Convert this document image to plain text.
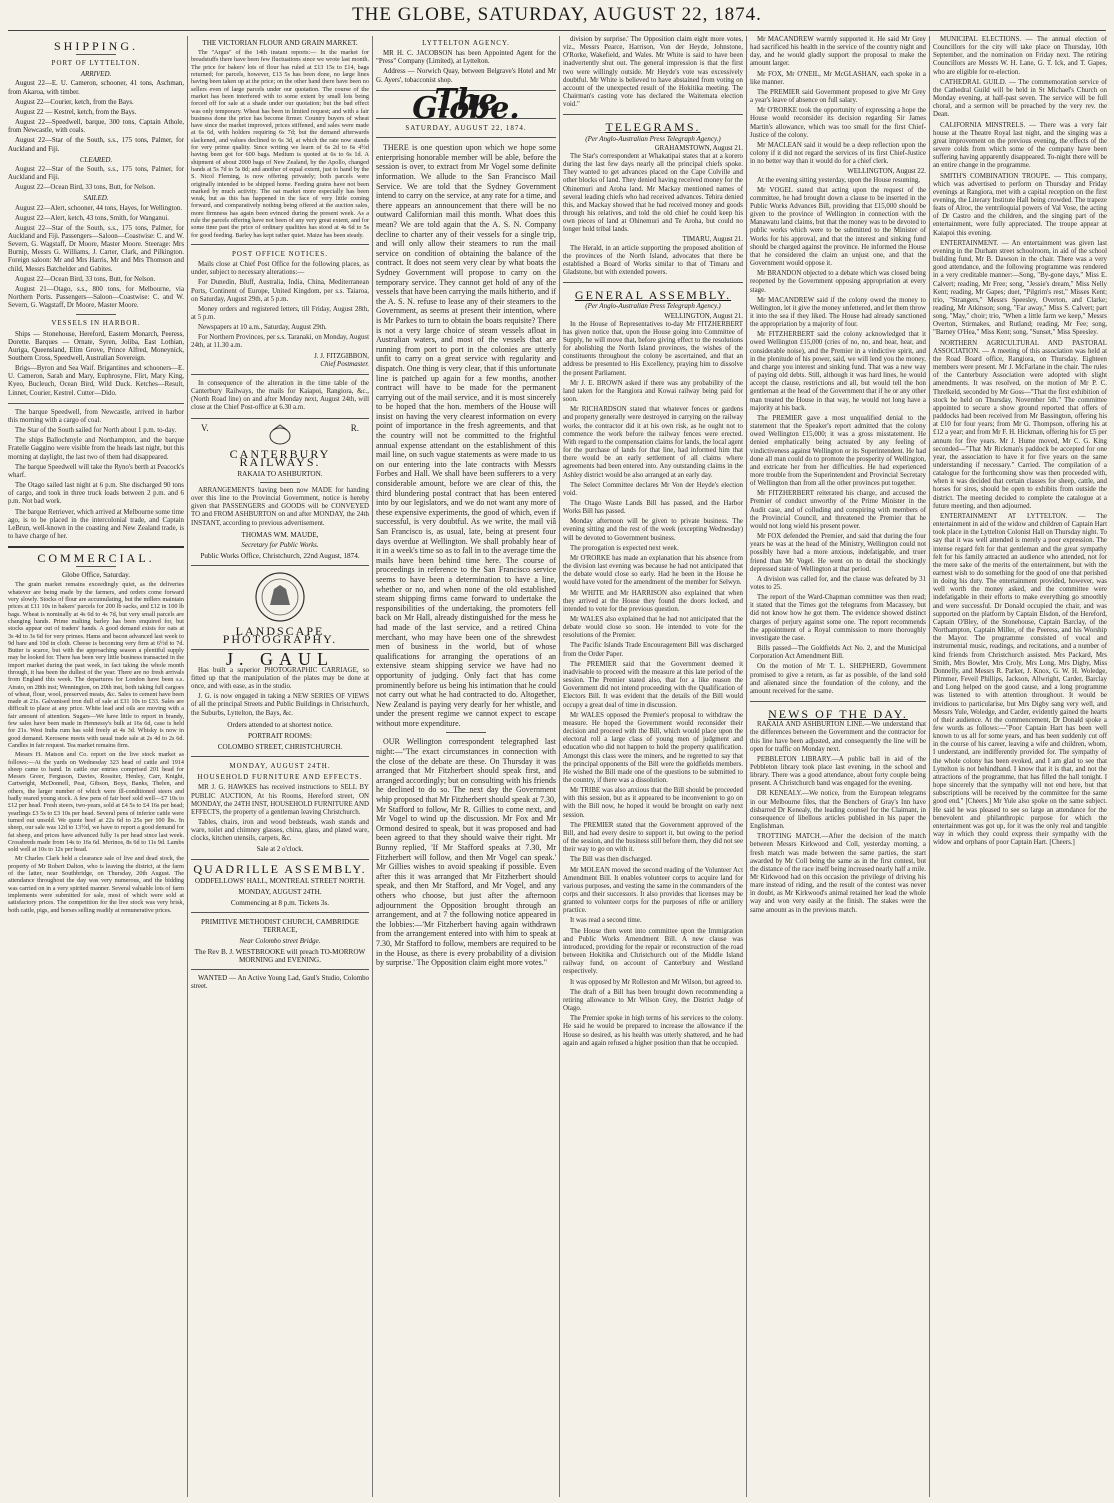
THE GLOBE, SATURDAY, AUGUST 22, 1874.
SHIPPING.
PORT OF LYTTELTON.
ARRIVED.

August 22—E. U. Cameron, schooner, 41 tons, Aschman, from Akaroa, with timber.

August 22—Courier, ketch, from the Bays.

August 22 — Kestrel, ketch, from the Bays.

August 22—Speedwell, barque, 300 tons, Captain Athole, from Newcastle, with coals.

August 22—Star of the South, s.s., 175 tons, Palmer, for Auckland and Fiji.

CLEARED.

August 22—Star of the South, s.s., 175 tons, Palmer, for Auckland and Fiji.

August 22—Ocean Bird, 33 tons, Butt, for Nelson.

SAILED.

August 22—Alert, schooner, 44 tons, Hayes, for Wellington.

August 22—Alert, ketch, 43 tons, Smith, for Wanganui.

August 22—Star of the South, s.s., 175 tons, Palmer, for Auckland and Fiji. Passengers—Saloon—Coastwise: C. and W. Severn, G. Wagstaff, Dr Moore, Master Moore. Steerage: Mrs Burnip, Messrs G. Williams, J. Carter, Clark, and Pilkington. Foreign saloon: Mr and Mrs Harris, Mr and Mrs Thomson and child, Messrs Batchelder and Gabites.

August 22—Ocean Bird, 33 tons, Butt, for Nelson.

August 21—Otago, s.s., 800 tons, for Melbourne, via Northern Ports. Passengers—Saloon—Coastwise: C. and W. Severn, G. Wagstaff, Dr Moore, Master Moore.

VESSELS IN HARBOR.

Ships — Stonehouse, Hereford, Eastern Monarch, Peeress, Dorette. Barques — Ornate, Syren, Joliba, East Lothian, Auriga, Queensland, Elim Grove, Prince Alfred, Moneynick, Southern Cross, Speedwell, Australian Sovereign.

Brigs—Byron and Sea Waif. Brigantines and schooners—E. U. Cameron, Sarah and Mary, Euphrosyne, Flirt, Mary King, Kyeo, Bucleuch, Ocean Bird, Wild Duck. Ketches—Result, Linnet, Courier, Kestrel. Cutter—Dido.

The barque Speedwell, from Newcastle, arrived in harbor this morning with a cargo of coal.

The Star of the South sailed for North about 1 p.m. to-day.

The ships Ballochmyle and Northampton, and the barque Fratelle Gaggino were visible from the heads last night, but this morning at daylight, the last two of them had disappeared.

The barque Speedwell will take the Ryno's berth at Peacock's wharf.

The Otago sailed last night at 6 p.m. She discharged 90 tons of cargo, and took in three truck loads between 2 p.m. and 6 p.m. Not bad work.

The barque Retriever, which arrived at Melbourne some time ago, is to be placed in the intercolonial trade, and Captain LeBrun, well-known in the coasting and New Zealand trade, is to have charge of her.

COMMERCIAL.
Globe Office, Saturday.

The grain market remains exceedingly quiet, as the deliveries whatever are being made by the farmers, and orders come forward very slowly. Stocks of flour are accumulating, but the millers maintain prices at £11 10s in bakers' parcels for 200 lb sacks, and £12 in 100 lb bags. Wheat is nominally at 4s 6d to 4s 7d, but very small parcels are changing hands. Prime malting barley has been enquired for, but stocks appear out of traders' hands. A good demand exists for oats at 3s 4d to 3s 6d for very primes. Hams and bacon advanced last week to 9d bare and 10d in cloth. Cheese is becoming very firm at 6½d to 7d. Butter is scarce, but with the approaching season a plentiful supply may be looked for. There has been very little business transacted in the import market during the past week, in fact taking the whole month through, it has been the dullest of the year. There are no fresh arrivals from England this week. The departures for London have been s.s. Atrato, on 28th inst; Wennington, on 20th inst, both taking full cargoes of wheat, flour, wool, preserved meats, &c. Sales to cement have been made at 21s. Galvanised iron dull of sale at £31 10s to £33. Sales are difficult to place at any price. White lead and oils are moving with a fair amount of attention. Sugars—We have little to report in brandy, few sales have been made in Hennessy's bulk at 16s 6d, case is held for 21s. West India rum has sold freely at 4s 3d. Whisky is now in good demand. Kerosene meets with usual trade sale at 2s 4d to 2s 6d. Candles in fair request. Tea market remains firm.

Messrs H. Matson and Co. report on the live stock market as follows:—At the yards on Wednesday 323 head of cattle and 1914 sheep came to hand. In cattle our entries comprised 201 head for Messrs Greer, Ferguson, Davies, Rossiter, Henley, Carr, Knight, Cartwright, McDonnell, Peat, Gibson, Boys, Banks, Thelen, and others, the larger number of which were ill-conditioned steers and badly reared young stock. A few pens of fair beef sold well—£7 10s to £12 per head. Fresh steers, two-years, sold at £4 5s to £4 16s per head; yearlings £3 5s to £3 10s per head. Several pens of inferior cattle were turned out unsold. We quote beef at 22s 6d to 25s per 100 lbs. In sheep, our sale was 12d to 13½d, we have to report a good demand for fat sheep, and prices have advanced fully 1s per head since last week. Crossbreds made from 14s to 16s 6d. Merinos, 8s 6d to 11s 9d. Lambs sold well at 10s to 12s per head.

Mr Charles Clark held a clearance sale of live and dead stock, the property of Mr Robert Dalton, who is leaving the district, at the farm of the latter, near Southbridge, on Thursday, 20th August. The attendance throughout the day was very numerous, and the bidding was carried on in a very spirited manner. Several valuable lots of farm implements were submitted for sale, most of which were sold at satisfactory prices. The competition for the live stock was very brisk, both cattle, pigs, and horses selling readily at remunerative prices.

THE VICTORIAN FLOUR AND GRAIN MARKET.

The "Argus" of the 14th instant reports:— In the market for breadstuffs there have been few fluctuations since we wrote last month. The price for bakers' lots of flour has ruled at £13 15s to £14, bags returned; for parcels, however, £13 5s has been done, no large lines having been taken up at the price; on the other hand there have been no sellers even of large parcels under our quotation. The course of the market has been interfered with to some extent by small lots being forced off for sale at a shade under our quotation; but the bad effect was only temporary. Wheat has been in limited request; and with a fair business done the price has become firmer. Country buyers of wheat have since the market improved, prices stiffened, and sales were made at 6s 6d, with holders requiring 6s 7d; but the demand afterwards slackened, and values declined to 6s 3d, at which the rate now stands for very prime quality. Since writing we learn of 6s 2d to 6s 4½d having been got for 600 bags. Medium is quoted at 6s to 6s 1d. A shipment of about 2000 bags of New Zealand, by the Apollo, changed hands at 5s 7d to 5s 8d; and another of equal extent, just to hand by the S. Nicol Fleming, is now offering privately; both parcels were originally intended to be shipped home. Feeding grains have not been marked by much activity. The oat market more especially has been weak, but as this has happened in the face of very little coming forward, and comparatively nothing being offered at the auction sales, more firmness has again been evinced during the present week. As a rule the parcels offering have not been of any very great extent, and for some time past the price of ordinary qualities has stood at 4s 6d to 5s for good feeding. Barley has kept rather quiet. Maize has been steady.

POST OFFICE NOTICES.

Mails close at Chief Post Office for the following places, as under, subject to necessary alterations:—

For Dunedin, Bluff, Australia, India, China, Mediterranean Ports, Continent of Europe, United Kingdom, per s.s. Taiaroa, on Saturday, August 29th, at 5 p.m.

Money orders and registered letters, till Friday, August 28th, at 5 p.m.

Newspapers at 10 a.m., Saturday, August 29th.

For Northern Provinces, per s.s. Taranaki, on Monday, August 24th, at 11.30 a.m.

J. J. FITZGIBBON,
Chief Postmaster.

In consequence of the alteration in the time table of the Canterbury Railways, the mails for Kaiapoi, Rangiora, &c., (North Road line) on and after Monday next, August 24th, will close at the Chief Post-office at 6.30 a.m.

V.	R.
CANTERBURY RAILWAYS.
RAKAIA TO ASHBURTON.

ARRANGEMENTS having been now MADE for handing over this line to the Provincial Government, notice is hereby given that PASSENGERS and GOODS will be CONVEYED TO and FROM ASHBURTON on and after MONDAY, the 24th INSTANT, according to previous advertisement.

THOMAS WM. MAUDE,
Secretary for Public Works.
Public Works Office, Christchurch, 22nd August, 1874.
LANDSCAPE PHOTOGRAPHY.
J. GAUL

Has built a superior PHOTOGRAPHIC CARRIAGE, so fitted up that the manipulation of the plates may be done at once, and with ease, as in the studio.

J. G. is now engaged in taking a NEW SERIES OF VIEWS of all the principal Streets and Public Buildings in Christchurch, the Suburbs, Lyttelton, the Bays, &c.

Orders attended to at shortest notice.
PORTRAIT ROOMS:
COLOMBO STREET, CHRISTCHURCH.
MONDAY, AUGUST 24TH.
HOUSEHOLD FURNITURE AND EFFECTS.

MR J. G. HAWKES has received instructions to SELL BY PUBLIC AUCTION, At his Rooms, Hereford street, ON MONDAY, the 24TH INST, HOUSEHOLD FURNITURE AND EFFECTS, the property of a gentleman leaving Christchurch.

Tables, chairs, iron and wood bedsteads, wash stands and ware, toilet and chimney glasses, china, glass, and plated ware, clocks, kitchen utensils, carpets, &c.

Sale at 2 o'clock.
QUADRILLE ASSEMBLY.
ODDFELLOWS' HALL, MONTREAL STREET NORTH.
MONDAY, AUGUST 24TH.
Commencing at 8 p.m. Tickets 3s.
PRIMITIVE METHODIST CHURCH, CAMBRIDGE TERRACE,
Near Colombo street Bridge.
The Rev B. J. WESTBROOKE will preach TO-MORROW MORNING and EVENING.

WANTED — An Active Young Lad, Gaul's Studio, Colombo street.

LYTTELTON AGENCY.

MR H. C. JACOBSON has been Appointed Agent for the "Press" Company (Limited), at Lyttelton.

Address — Norwich Quay, between Belgrave's Hotel and Mr G. Ayers', tobacconist shop.

The Globe.
SATURDAY, AUGUST 22, 1874.

THERE is one question upon which we hope some enterprising honorable member will be able, before the session is over, to extract from Mr Vogel some definite information. We allude to the San Francisco Mail Service. We are told that the Sydney Government intend to carry on the service, at any rate for a time, and there appears an announcement that there will be no outward Californian mail this month. What does this mean? We are told again that the A. S. N. Company decline to charter any of their vessels for a single trip, and will only allow their steamers to run the mail service on condition of obtaining the balance of the contract. It does not seem very clear by what boats the Sydney Government will propose to carry on the temporary service. They cannot get hold of any of the vessels that have been carrying the mails hitherto, and if the A. S. N. refuse to lease any of their steamers to the Government, as seems at present their intention, where is Mr Parkes to turn to obtain the boats requisite? There is not a very large choice of steam vessels afloat in Australian waters, and most of the vessels that are running from port to port in the colonies are utterly unfit to carry on a great service with regularity and dispatch. One thing is very clear, that if this unfortunate line is patched up again for a few months, another contract will have to be made for the permanent carrying out of the mail service, and it is most sincerely to be hoped that the hon. members of the House will insist on having the very clearest information on every point of importance in the fresh agreements, and that the country will not be committed to the frightful annual expense attendant on the establishment of this mail line, on such vague statements as were made to us on our entering into the late contracts with Messrs Forbes and Hall. We shall have been sufferers to a very considerable amount, before we are clear of this, the third blundering postal contract that has been entered into by our legislators, and we do not want any more of these expensive experiments, the good of which, even if successful, is very doubtful. As we write, the mail viâ San Francisco is, as usual, late, being at present four days overdue at Wellington. We shall probably hear of it in a week's time so as to fall in to the average time the mails have been behind time here. The course of proceedings in reference to the San Francisco service seems to have been a determination to have a line, whether or no, and when none of the old established steam shipping firms came forward to undertake the responsibilities of the undertaking, the promoters fell back on Mr Hall, already distinguished for the mess he had made of the last service, and a retired China merchant, who may have been one of the shrewdest men of business in the world, but of whose qualifications for arranging the operations of an extensive steam shipping service we have had no opportunity of judging. Only fact that has come prominently before us being his intimation that he could not carry out what he had contracted to do. Altogether, New Zealand is paying very dearly for her whistle, and under the present regime we cannot expect to escape without more expenditure.

OUR Wellington correspondent telegraphed last night:—"The exact circumstances in connection with the close of the debate are these. On Thursday it was arranged that Mr Fitzherbert should speak first, and arranged accordingly; but on consulting with his friends he declined to do so. The next day the Government whip proposed that Mr Fitzherbert should speak at 7.30, Mr Stafford to follow, Mr R. Gillies to come next, and Mr Vogel to wind up the discussion. Mr Fox and Mr Ormond desired to speak, but it was proposed and had been agreed to that they should waive their right. Mr Bunny replied, 'If Mr Stafford speaks at 7.30, Mr Fitzherbert will follow, and then Mr Vogel can speak.' Mr Gillies wishes to avoid speaking if possible. Even after this it was arranged that Mr Fitzherbert should speak, and then Mr Stafford, and Mr Vogel, and any others who choose, but just after the afternoon adjournment the Opposition brought through an arrangement, and at 7 the following notice appeared in the lobbies:—'Mr Fitzherbert having again withdrawn from the arrangement entered into with him to speak at 7.30, Mr Stafford to follow, members are required to be in the House, as there is every probability of a division by surprise.' The Opposition claim eight more votes."

division by surprise.' The Opposition claim eight more votes, viz., Messrs Pearce, Harrison, Von der Heyde, Johnstone, O'Rorke, Wakefield, and Wales. Mr White is said to have been inadvertently shut out. The general impression is that the first two were willingly outside. Mr Heyde's vote was excessively doubtful. Mr White is believed to have abstained from voting on account of the unexpected result of the Hokitika meeting. The Chairman's casting vote has declared the Waitemata election void."

TELEGRAMS.
(Per Anglo-Australian Press Telegraph Agency.)
GRAHAMSTOWN, August 21.

The Star's correspondent at Whakatipai states that at a korero during the last few days nearly all the principal chiefs spoke. They wanted to get advances placed on the Cape Colville and other blocks of land. They denied having received money for the Ohinemuri and Aroha land. Mr Mackay mentioned names of several leading chiefs who had received advances. Tehira denied this, and Mackay showed that he had received money and goods through his relatives, and told the old chief he could keep his own pieces of land at Ohinemuri and Te Aroha, but could no longer hold tribal lands.

TIMARU, August 21.

The Herald, in an article supporting the proposed abolition of the provinces of the North Island, advocates that there be established a Board of Works similar to that of Timaru and Gladstone, but with extended powers.

GENERAL ASSEMBLY.
(Per Anglo-Australian Press Telegraph Agency.)
WELLINGTON, August 21.

In the House of Representatives to-day Mr FITZHERBERT has given notice that, upon the House going into Committee of Supply, he will move that, before giving effect to the resolutions for abolishing the North Island provinces, the wishes of the constituents throughout the colony be ascertained, and that an address be presented to His Excellency, praying him to dissolve the present Parliament.

Mr J. E. BROWN asked if there was any probability of the land taken for the Rangiora and Kowai railway being paid for soon.

Mr RICHARDSON stated that whatever fences or gardens and property generally were destroyed in carrying on the railway works, the contractor did it at his own risk, as he ought not to commence the work before the railway fences were erected. With regard to the compensation claims for lands, the local agent for the purchase of lands for that line, had informed him that there would be an early settlement of all claims where agreements had been entered into. Any outstanding claims in the Ashley district would be also arranged at an early day.

The Select Committee declares Mr Von der Heyde's election void.

The Otago Waste Lands Bill has passed, and the Harbor Works Bill has passed.

Monday afternoon will be given to private business. The evening sitting and the rest of the week (excepting Wednesday) will be devoted to Government business.

The prorogation is expected next week.

Mr O'RORKE has made an explanation that his absence from the division last evening was because he had not anticipated that the debate would close so early. Had he been in the House he would have voted for the amendment of the member for Selwyn.

Mr WHITE and Mr HARRISON also explained that when they arrived at the House they found the doors locked, and intended to vote for the previous question.

Mr WALES also explained that he had not anticipated that the debate would close so soon. He intended to vote for the resolutions of the Premier.

The Pacific Islands Trade Encouragement Bill was discharged from the Order Paper.

The PREMIER said that the Government deemed it inadvisable to proceed with the measure at this late period of the session. The Premier stated also, that for a like reason the Government did not intend proceeding with the Qualification of Electors Bill. It was evident that the details of the Bill would occupy a great deal of time in discussion.

Mr WALES opposed the Premier's proposal to withdraw the measure. He hoped the Government would reconsider their decision and proceed with the Bill, which would place upon the electoral roll a large class of young men of judgment and education who did not happen to hold the property qualification. Amongst this class were the miners, and he regretted to say that the principal opponents of the Bill were the goldfields members. He wished the Bill made one of the questions to be submitted to the country, if there was a dissolution.

Mr TRIBE was also anxious that the Bill should be proceeded with this session, but as it appeared to be inconvenient to go on with the Bill now, he hoped it would be brought on early next session.

The PREMIER stated that the Government approved of the Bill, and had every desire to support it, but owing to the period of the session, and the business still before them, they did not see their way to go on with it.

The Bill was then discharged.

Mr MOLEAN moved the second reading of the Volunteer Act Amendment Bill. It enables volunteer corps to acquire land for various purposes, and vesting the same in the commanders of the corps and their successors. It also provides that licenses may be granted to volunteer corps for the purposes of rifle or artillery practice.

It was read a second time.

The House then went into committee upon the Immigration and Public Works Amendment Bill. A new clause was introduced, providing for the repair or reconstruction of the road between Hokitika and Christchurch out of the Middle Island railway fund, on account of Canterbury and Westland respectively.

It was opposed by Mr Rolleston and Mr Wilson, but agreed to.

The draft of a Bill has been brought down recommending a retiring allowance to Mr Wilson Grey, the District Judge of Otago.

The Premier spoke in high terms of his services to the colony. He said he would be prepared to increase the allowance if the House so desired, as his health was utterly shattered, and he had again and again refused a higher position than that he occupied.

Mr MACANDREW warmly supported it. He said Mr Grey had sacrificed his health in the service of the country night and day, and he would gladly support the proposal to make the amount larger.

Mr FOX, Mr O'NEIL, Mr McGLASHAN, each spoke in a like manner.

The PREMIER said Government proposed to give Mr Grey a year's leave of absence on full salary.

Mr O'RORKE took the opportunity of expressing a hope the House would reconsider its decision regarding Sir James Martin's allowance, which was too small for the first Chief-Justice of the colony.

Mr MACLEAN said it would be a deep reflection upon the colony if it did not regard the services of its first Chief-Justice in no better way than it would do for a chief clerk.

WELLINGTON, August 22.

At the evening sitting yesterday, upon the House resuming,

Mr VOGEL stated that acting upon the request of the committee, he had brought down a clause to be inserted in the Public Works Advances Bill, providing that £15,000 should be given to the province of Wellington in connection with the Manawatu land claims, but that the money was to be devoted to public works which were to be submitted to the Minister of Works for his approval, and that the interest and sinking fund should be charged against the province. He informed the House that he considered the claim an unjust one, and that the Government would oppose it.

Mr BRANDON objected to a debate which was closed being reopened by the Government opposing appropriation at every stage.

Mr MACANDREW said if the colony owed the money to Wellington, let it give the money unfettered, and let them throw it into the sea if they liked. The House had already sanctioned the appropriation by a majority of four.

Mr FITZHERBERT said the colony acknowledged that it owed Wellington £15,000 (cries of no, no, and hear, hear, and considerable noise), and the Premier in a vindictive spirit, and in the plenitude of his power, said, we will lend you the money, and charge you interest and sinking fund. That was a new way of paying old debts. Still, although it was hard lines, he would accept the clause, restrictions and all, but would tell the hon gentleman at the head of the Government that if he or any other man treated the House in that way, he would not long have a majority at his back.

The PREMIER gave a most unqualified denial to the statement that the Speaker's report admitted that the colony owed Wellington £15,000; it was a gross misstatement. He denied emphatically being actuated by any feeling of vindictiveness against Wellington or its Superintendent. He had done all man could do to promote the prosperity of Wellington, and extricate her from her difficulties. He had experienced more trouble from the Superintendent and Provincial Secretary of Wellington than from all the other provinces put together.

Mr FITZHERBERT reiterated his charge, and accused the Premier of conduct unworthy of the Prime Minister in the Audit case, and of colluding and conspiring with members of the Provincial Council, and threatened the Premier that he would not long wield his present power.

Mr FOX defended the Premier, and said that during the four years he was at the head of the Ministry, Wellington could not possibly have had a more anxious, indefatigable, and truer friend than Mr Vogel. He went on to detail the shockingly depressed state of Wellington at that period.

A division was called for, and the clause was defeated by 31 votes to 25.

The report of the Ward-Chapman committee was then read; it stated that the Times got the telegrams from Macassey, but did not know how he got them. The evidence showed distinct charges of perjury against some one. The report recommends the appointment of a Royal commission to more thoroughly investigate the case.

Bills passed—The Goldfields Act No. 2, and the Municipal Corporation Act Amendment Bill.

On the motion of Mr T. L. SHEPHERD, Government promised to give a return, as far as possible, of the land sold and alienated since the foundation of the colony, and the amount received for the same.

NEWS OF THE DAY.

RAKAIA AND ASHBURTON LINE.—We understand that the differences between the Government and the contractor for this line have been adjusted, and consequently the line will be open for traffic on Monday next.

PEBBLETON LIBRARY.—A public ball in aid of the Pebbleton library took place last evening, in the school and library. There was a good attendance, about forty couple being present. A Christchurch band was engaged for the evening.

DR KENEALY.—We notice, from the European telegrams in our Melbourne files, that the Benchers of Gray's Inn have disbarred Dr Kenealy, the leading counsel for the Claimant, in consequence of libellous articles published in his paper the Englishman.

TROTTING MATCH.—After the decision of the match between Messrs Kirkwood and Coll, yesterday morning, a fresh match was made between the same parties, the start awarded by Mr Coll being the same as in the first contest, but the distance of the race itself being increased nearly half a mile. Mr Kirkwood had on this occasion the privilege of driving his mare instead of riding, and the result of the contest was never in doubt, as Mr Kirkwood's animal retained her lead the whole way and won very easily at the finish. The stakes were the same amount as in the previous match.

MUNICIPAL ELECTIONS. — The annual election of Councillors for the city will take place on Thursday, 10th September, and the nomination on Friday next. The retiring Councillors are Messrs W. H. Lane, G. T. Ick, and T. Gapes, who are eligible for re-election.

CATHEDRAL GUILD. — The commemoration service of the Cathedral Guild will be held in St Michael's Church on Monday evening, at half-past seven. The service will be full choral, and a sermon will be preached by the very rev. the Dean.

CALIFORNIA MINSTRELS. — There was a very fair house at the Theatre Royal last night, and the singing was a great improvement on the previous evening, the effects of the severe colds from which some of the company have been suffering having apparently disappeared. To-night there will be an entire change in the programme.

SMITH'S COMBINATION TROUPE. — This company, which was advertised to perform on Thursday and Friday evenings at Rangiora, met with a capital reception on the first evening, the Literary Institute Hall being crowded. The trapeze feats of Alroc, the ventriloquial powers of Val Vose, the acting of Dr Castro and the children, and the singing part of the entertainment, were fully appreciated. The troupe appear at Kaiapoi this evening.

ENTERTAINMENT. — An entertainment was given last evening in the Durham street schoolroom, in aid of the school building fund, Mr B. Dawson in the chair. There was a very good attendance, and the following programme was rendered in a very creditable manner:—Song, "By-gone days," Miss E. Calvert; reading, Mr Free; song, "Jessie's dream," Miss Nelly Kent; reading, Mr Gapes; duet, "Pilgrim's rest," Misses Kent; trio, "Strangers," Messrs Speesley, Overton, and Clarke; reading, Mr Atkinson; song, "Far away," Miss S. Calvert; part song, "May," choir; trio, "When a little farm we keep," Messrs Overton, Stirmakes, and Rutland; reading, Mr Fee; song, "Barney O'Hea," Miss Kent; song, "Sunset," Miss Speesley.

NORTHERN AGRICULTURAL AND PASTORAL ASSOCIATION. — A meeting of this association was held at the Road Board office, Rangiora, on Thursday. Eighteen members were present. Mr J. McFarlane in the chair. The rules of the Canterbury Association were adopted with slight amendments. It was resolved, on the motion of Mr P. C. Threlkeld, seconded by Mr Goss—"That the first exhibition of stock be held on Thursday, November 5th." The committee appointed to secure a show ground reported that offers of paddocks had been received from Mr Bassington, offering his at £10 for four years; from Mr G. Thompson, offering his at £12 a year; and from Mr F. H. Hickman, offering his for £5 per annum for five years. Mr J. Hume moved, Mr C. G. King seconded—"That Mr Rickman's paddock be accepted for one year, the association to have it for five years on the same understanding if necessary." Carried. The compilation of a catalogue for the forthcoming show was then proceeded with, when it was decided that certain classes for sheep, cattle, and horses for sires, should be open to exhibits from outside the district. The meeting decided to complete the catalogue at a future meeting, and then adjourned.

ENTERTAINMENT AT LYTTELTON. — The entertainment in aid of the widow and children of Captain Hart took place in the Lyttelton Colonist Hall on Thursday night. To say that it was well attended is merely a poor expression. The intense regard felt for that gentleman and the great sympathy felt for his family attracted an audience who attended, not for the mere sake of the merits of the entertainment, but with the earnest wish to do something for the good of one that perished in doing his duty. The entertainment provided, however, was well worth the money asked, and the committee were indefatigable in their efforts to make everything go smoothly and were successful. Dr Donald occupied the chair, and was supported on the platform by Captain Elsdon, of the Hereford, Captain O'Bley, of the Stonehouse, Captain Barclay, of the Northampton, Captain Miller, of the Peeress, and his Worship the Mayor. The programme consisted of vocal and instrumental music, readings, and recitations, and a number of kind friends from Christchurch assisted. Mrs Packard, Mrs Smith, Mrs Bowler, Mrs Croly, Mrs Long, Mrs Digby, Miss Donnelly, and Messrs R. Parker, J. Knox, G. W. H. Woledge, Plimmer, Feveil Phillips, Jackson, Allwright, Carder, Barclay and Long helped on the good cause, and a long programme was listened to with attention throughout. It would be invidious to particularise, but Mrs Digby sang very well, and Messrs Yule, Woledge, and Carder, evidently gained the hearts of their audience. At the commencement, Dr Donald spoke a few words as follows:—"Poor Captain Hart has been well known to us all for some years, and has been suddenly cut off in the course of his career, leaving a wife and children, whom, I understand, are indifferently provided for. The sympathy of the whole colony has been evoked, and I am glad to see that Lyttelton is not behindhand. I know that it is that, and not the attractions of the programme, that has filled the hall tonight. I hope sincerely that the sympathy will not end here, but that subscriptions will be received by the committee for the same good end." [Cheers.] Mr Yule also spoke on the same subject. He said he was pleased to see so large an attendance for the benevolent and philanthropic purpose for which the entertainment was got up, for it was the only real and tangible way in which they could express their sympathy with the widow and orphans of poor Captain Hart. [Cheers.]
